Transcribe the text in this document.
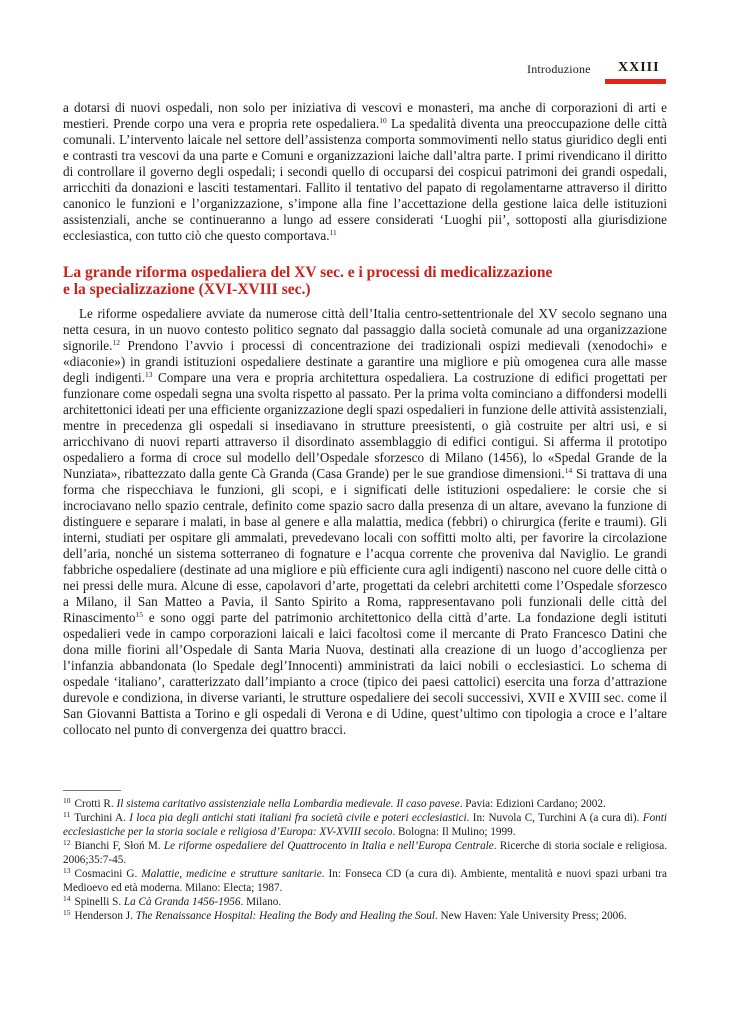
Introduzione XXIII

a dotarsi di nuovi ospedali, non solo per iniziativa di vescovi e monasteri, ma anche di corporazioni di arti e mestieri. Prende corpo una vera e propria rete ospedaliera.$^{10}$ La spedalità diventa una preoccupazione delle città comunali. L’intervento laicale nel settore dell’assistenza comporta sommovimenti nello status giuridico degli enti e contrasti tra vescovi da una parte e Comuni e organizzazioni laiche dall’altra parte. I primi rivendicano il diritto di controllare il governo degli ospedali; i secondi quello di occuparsi dei cospicui patrimoni dei grandi ospedali, arricchiti da donazioni e lasciti testamentari. Fallito il tentativo del papato di regolamentarne attraverso il diritto canonico le funzioni e l’organizzazione, s’impone alla fine l’accettazione della gestione laica delle istituzioni assistenziali, anche se continueranno a lungo ad essere considerati ‘Luoghi pii’, sottoposti alla giurisdizione ecclesiastica, con tutto ciò che questo comportava.$^{11}$

La grande riforma ospedaliera del XV sec. e i processi di medicalizzazione
e la specializzazione (XVI-XVIII sec.)

Le riforme ospedaliere avviate da numerose città dell’Italia centro-settentrionale del XV secolo segnano una netta cesura, in un nuovo contesto politico segnato dal passaggio dalla società comunale ad una organizzazione signorile.$^{12}$ Prendono l’avvio i processi di concentrazione dei tradizionali ospizi medievali (xenodochi» e «diaconie») in grandi istituzioni ospedaliere destinate a garantire una migliore e più omogenea cura alle masse degli indigenti.$^{13}$ Compare una vera e propria architettura ospedaliera. La costruzione di edifici progettati per funzionare come ospedali segna una svolta rispetto al passato. Per la prima volta cominciano a diffondersi modelli architettonici ideati per una efficiente organizzazione degli spazi ospedalieri in funzione delle attività assistenziali, mentre in precedenza gli ospedali si insediavano in strutture preesistenti, o già costruite per altri usi, e si arricchivano di nuovi reparti attraverso il disordinato assemblaggio di edifici contigui. Si afferma il prototipo ospedaliero a forma di croce sul modello dell’Ospedale sforzesco di Milano (1456), lo «Spedal Grande de la Nunziata», ribattezzato dalla gente Cà Granda (Casa Grande) per le sue grandiose dimensioni.$^{14}$ Si trattava di una forma che rispecchiava le funzioni, gli scopi, e i significati delle istituzioni ospedaliere: le corsie che si incrociavano nello spazio centrale, definito come spazio sacro dalla presenza di un altare, avevano la funzione di distinguere e separare i malati, in base al genere e alla malattia, medica (febbri) o chirurgica (ferite e traumi). Gli interni, studiati per ospitare gli ammalati, prevedevano locali con soffitti molto alti, per favorire la circolazione dell’aria, nonché un sistema sotterraneo di fognature e l’acqua corrente che proveniva dal Naviglio. Le grandi fabbriche ospedaliere (destinate ad una migliore e più efficiente cura agli indigenti) nascono nel cuore delle città o nei pressi delle mura. Alcune di esse, capolavori d’arte, progettati da celebri architetti come l’Ospedale sforzesco a Milano, il San Matteo a Pavia, il Santo Spirito a Roma, rappresentavano poli funzionali delle città del Rinascimento$^{15}$ e sono oggi parte del patrimonio architettonico della città d’arte. La fondazione degli istituti ospedalieri vede in campo corporazioni laicali e laici facoltosi come il mercante di Prato Francesco Datini che dona mille fiorini all’Ospedale di Santa Maria Nuova, destinati alla creazione di un luogo d’accoglienza per l’infanzia abbandonata (lo Spedale degl’Innocenti) amministrati da laici nobili o ecclesiastici. Lo schema di ospedale ‘italiano’, caratterizzato dall’impianto a croce (tipico dei paesi cattolici) esercita una forza d’attrazione durevole e condiziona, in diverse varianti, le strutture ospedaliere dei secoli successivi, XVII e XVIII sec. come il San Giovanni Battista a Torino e gli ospedali di Verona e di Udine, quest’ultimo con tipologia a croce e l’altare collocato nel punto di convergenza dei quattro bracci.

$^{10}$ Crotti R. Il sistema caritativo assistenziale nella Lombardia medievale. Il caso pavese. Pavia: Edizioni Cardano; 2002.

$^{11}$ Turchini A. I loca pia degli antichi stati italiani fra società civile e poteri ecclesiastici. In: Nuvola C, Turchini A (a cura di). Fonti ecclesiastiche per la storia sociale e religiosa d’Europa: XV-XVIII secolo. Bologna: Il Mulino; 1999.

$^{12}$ Bianchi F, Słoń M. Le riforme ospedaliere del Quattrocento in Italia e nell’Europa Centrale. Ricerche di storia sociale e religiosa. 2006;35:7-45.

$^{13}$ Cosmacini G. Malattie, medicine e strutture sanitarie. In: Fonseca CD (a cura di). Ambiente, mentalità e nuovi spazi urbani tra Medioevo ed età moderna. Milano: Electa; 1987.

$^{14}$ Spinelli S. La Cà Granda 1456-1956. Milano.

$^{15}$ Henderson J. The Renaissance Hospital: Healing the Body and Healing the Soul. New Haven: Yale University Press; 2006.
